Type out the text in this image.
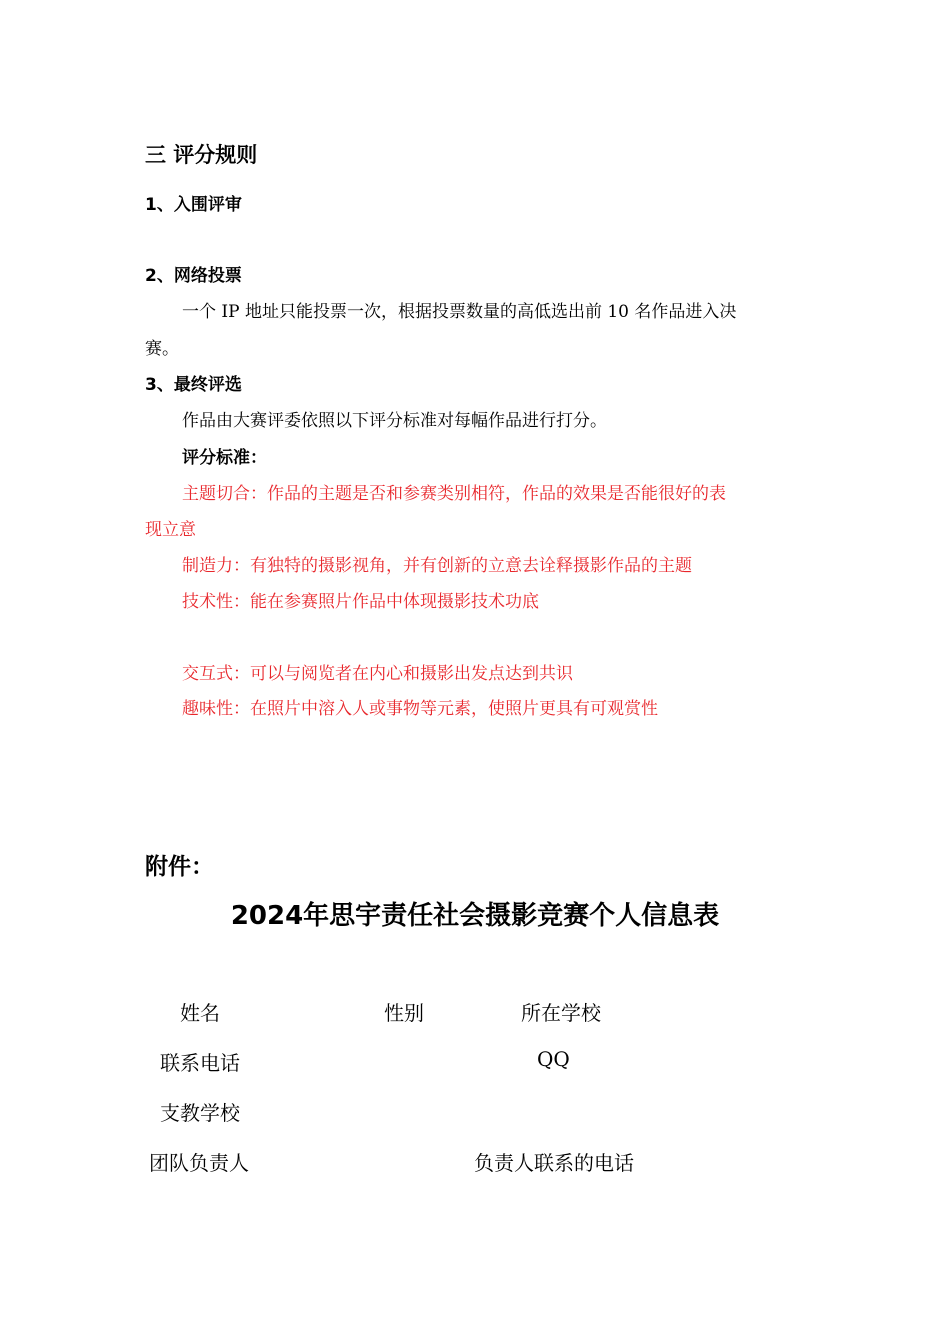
三 评分规则
1、入围评审
2、网络投票
一个 IP 地址只能投票一次，根据投票数量的高低选出前 10 名作品进入决
赛。
3、最终评选
作品由大赛评委依照以下评分标准对每幅作品进行打分。
评分标准：
主题切合：作品的主题是否和参赛类别相符，作品的效果是否能很好的表
现立意
制造力：有独特的摄影视角，并有创新的立意去诠释摄影作品的主题
技术性：能在参赛照片作品中体现摄影技术功底
交互式：可以与阅览者在内心和摄影出发点达到共识
趣味性：在照片中溶入人或事物等元素，使照片更具有可观赏性
附件：
2024年思宇责任社会摄影竞赛个人信息表
姓名	性别	所在学校
联系电话	QQ
支教学校
团队负责人	负责人联系的电话
